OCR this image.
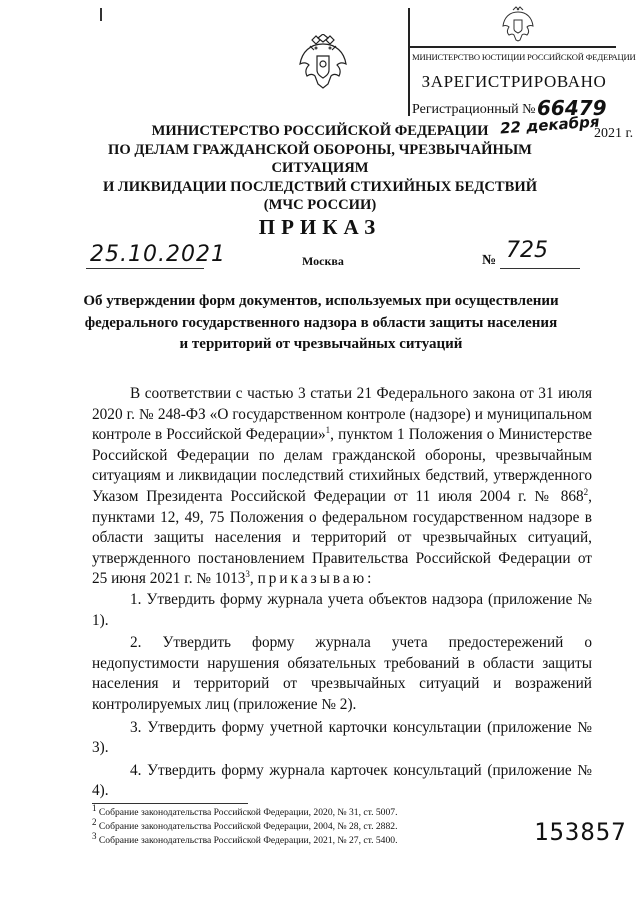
МИНИСТЕРСТВО ЮСТИЦИИ РОССИЙСКОЙ ФЕДЕРАЦИИ
ЗАРЕГИСТРИРОВАНО
Регистрационный № 66479
22 декабря
2021 г.
МИНИСТЕРСТВО РОССИЙСКОЙ ФЕДЕРАЦИИ
ПО ДЕЛАМ ГРАЖДАНСКОЙ ОБОРОНЫ, ЧРЕЗВЫЧАЙНЫМ СИТУАЦИЯМ
И ЛИКВИДАЦИИ ПОСЛЕДСТВИЙ СТИХИЙНЫХ БЕДСТВИЙ
(МЧС РОССИИ)
ПРИКАЗ
25.10.2021	Москва	№ 725
Об утверждении форм документов, используемых при осуществлении
федерального государственного надзора в области защиты населения
и территорий от чрезвычайных ситуаций

В соответствии с частью 3 статьи 21 Федерального закона от 31 июля 2020 г. № 248-ФЗ «О государственном контроле (надзоре) и муниципальном контроле в Российской Федерации»$^1$, пунктом 1 Положения о Министерстве Российской Федерации по делам гражданской обороны, чрезвычайным ситуациям и ликвидации последствий стихийных бедствий, утвержденного Указом Президента Российской Федерации от 11 июля 2004 г. № $868^2$, пунктами 12, 49, 75 Положения о федеральном государственном надзоре в области защиты населения и территорий от чрезвычайных ситуаций, утвержденного постановлением Правительства Российской Федерации от 25 июня 2021 г. № 1013$^3$, приказываю:

1. Утвердить форму журнала учета объектов надзора (приложение № 1).

2. Утвердить форму журнала учета предостережений о недопустимости нарушения обязательных требований в области защиты населения и территорий от чрезвычайных ситуаций и возражений контролируемых лиц (приложение № 2).

3. Утвердить форму учетной карточки консультации (приложение № 3).

4. Утвердить форму журнала карточек консультаций (приложение № 4).

$^1$ Собрание законодательства Российской Федерации, 2020, № 31, ст. 5007.
$^2$ Собрание законодательства Российской Федерации, 2004, № 28, ст. 2882.
$^3$ Собрание законодательства Российской Федерации, 2021, № 27, ст. 5400.	153857
